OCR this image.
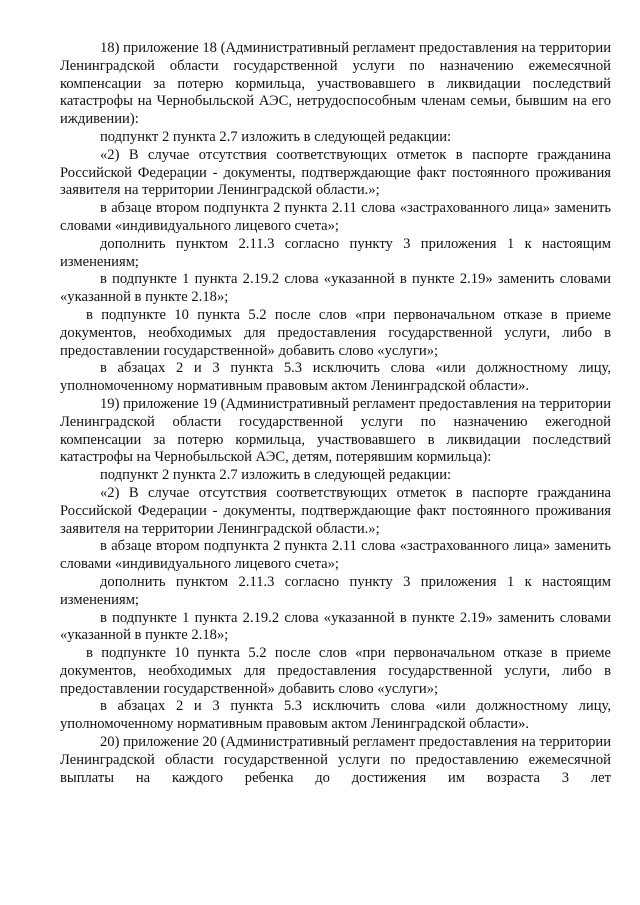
18) приложение 18 (Административный регламент предоставления на территории Ленинградской области государственной услуги по назначению ежемесячной компенсации за потерю кормильца, участвовавшего в ликвидации последствий катастрофы на Чернобыльской АЭС, нетрудоспособным членам семьи, бывшим на его иждивении):

подпункт 2 пункта 2.7 изложить в следующей редакции:

«2) В случае отсутствия соответствующих отметок в паспорте гражданина Российской Федерации - документы, подтверждающие факт постоянного проживания заявителя на территории Ленинградской области.»;

в абзаце втором подпункта 2 пункта 2.11 слова «застрахованного лица» заменить словами «индивидуального лицевого счета»;

дополнить пунктом 2.11.3 согласно пункту 3 приложения 1 к настоящим изменениям;

в подпункте 1 пункта 2.19.2 слова «указанной в пункте 2.19» заменить словами «указанной в пункте 2.18»;

в подпункте 10 пункта 5.2 после слов «при первоначальном отказе в приеме документов, необходимых для предоставления государственной услуги, либо в предоставлении государственной» добавить слово «услуги»;

в абзацах 2 и 3 пункта 5.3 исключить слова «или должностному лицу, уполномоченному нормативным правовым актом Ленинградской области».

19) приложение 19 (Административный регламент предоставления на территории Ленинградской области государственной услуги по назначению ежегодной компенсации за потерю кормильца, участвовавшего в ликвидации последствий катастрофы на Чернобыльской АЭС, детям, потерявшим кормильца):

подпункт 2 пункта 2.7 изложить в следующей редакции:

«2) В случае отсутствия соответствующих отметок в паспорте гражданина Российской Федерации - документы, подтверждающие факт постоянного проживания заявителя на территории Ленинградской области.»;

в абзаце втором подпункта 2 пункта 2.11 слова «застрахованного лица» заменить словами «индивидуального лицевого счета»;

дополнить пунктом 2.11.3 согласно пункту 3 приложения 1 к настоящим изменениям;

в подпункте 1 пункта 2.19.2 слова «указанной в пункте 2.19» заменить словами «указанной в пункте 2.18»;

в подпункте 10 пункта 5.2 после слов «при первоначальном отказе в приеме документов, необходимых для предоставления государственной услуги, либо в предоставлении государственной» добавить слово «услуги»;

в абзацах 2 и 3 пункта 5.3 исключить слова «или должностному лицу, уполномоченному нормативным правовым актом Ленинградской области».

20) приложение 20 (Административный регламент предоставления на территории Ленинградской области государственной услуги по предоставлению ежемесячной выплаты на каждого ребенка до достижения им возраста 3 лет
